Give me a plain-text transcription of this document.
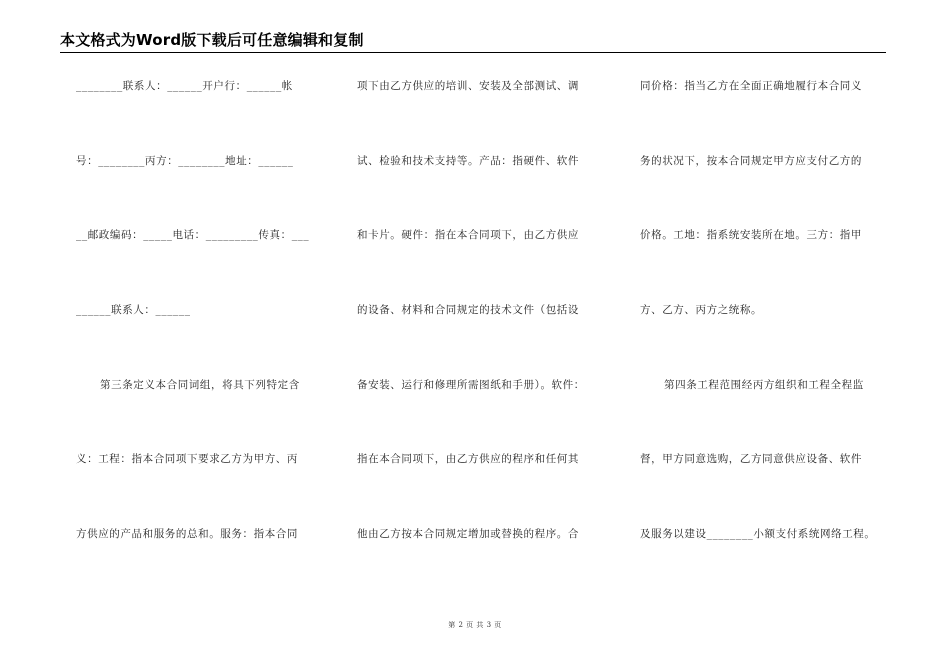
本文格式为Word版下载后可任意编辑和复制
________联系人：______开户行：______帐
号：________丙方：________地址：______
__邮政编码：_____电话：_________传真：___
______联系人：______
第三条定义本合同词组，将具下列特定含
义：工程：指本合同项下要求乙方为甲方、丙
方供应的产品和服务的总和。服务：指本合同
项下由乙方供应的培训、安装及全部测试、调
试、检验和技术支持等。产品：指硬件、软件
和卡片。硬件：指在本合同项下，由乙方供应
的设备、材料和合同规定的技术文件（包括设
备安装、运行和修理所需图纸和手册）。软件：
指在本合同项下，由乙方供应的程序和任何其
他由乙方按本合同规定增加或替换的程序。合
同价格：指当乙方在全面正确地履行本合同义
务的状况下，按本合同规定甲方应支付乙方的
价格。工地：指系统安装所在地。三方：指甲
方、乙方、丙方之统称。
第四条工程范围经丙方组织和工程全程监
督，甲方同意选购，乙方同意供应设备、软件
及服务以建设________小额支付系统网络工程。
第 2 页 共 3 页
